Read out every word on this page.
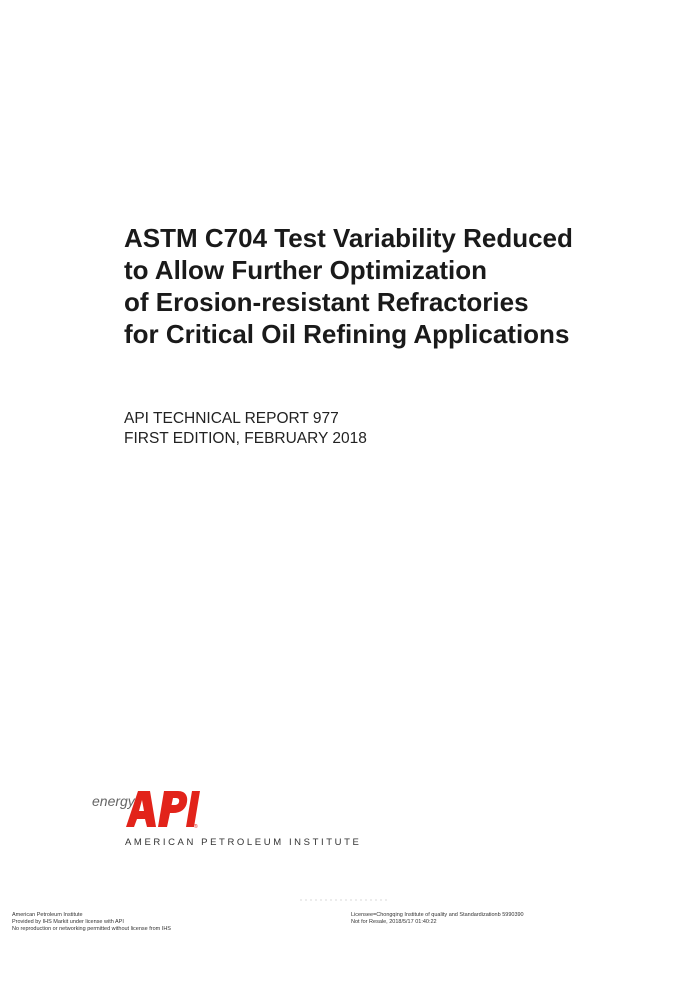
ASTM C704 Test Variability Reduced
to Allow Further Optimization
of Erosion-resistant Refractories
for Critical Oil Refining Applications
API TECHNICAL REPORT 977
FIRST EDITION, FEBRUARY 2018
energy
®
AMERICAN PETROLEUM INSTITUTE
American Petroleum Institute
Provided by IHS Markit under license with API
No reproduction or networking permitted without license from IHS
Licensee=Chongqing Institute of quality and Standardizationb 5990390
Not for Resale, 2018/5/17 01:40:22
